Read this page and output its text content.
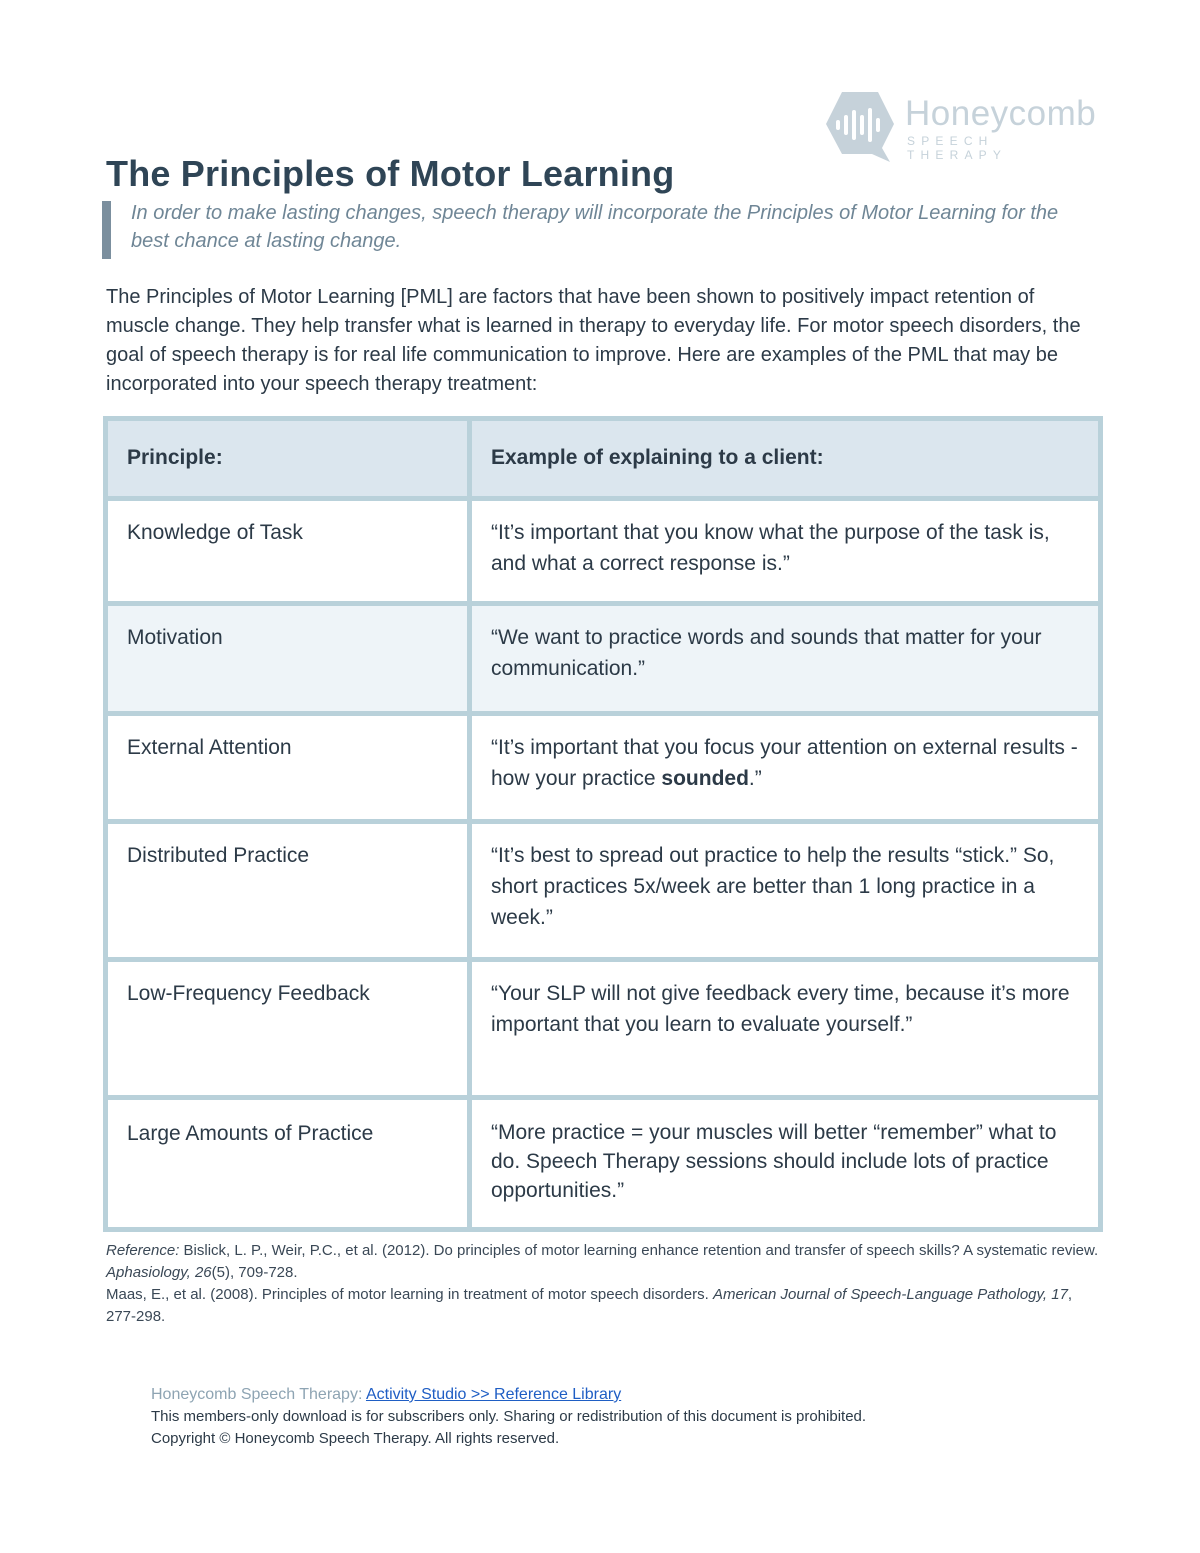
Honeycomb
SPEECH THERAPY
The Principles of Motor Learning

In order to make lasting changes, speech therapy will incorporate the Principles of Motor Learning for the best chance at lasting change.

The Principles of Motor Learning [PML] are factors that have been shown to positively impact retention of muscle change. They help transfer what is learned in therapy to everyday life. For motor speech disorders, the goal of speech therapy is for real life communication to improve. Here are examples of the PML that may be incorporated into your speech therapy treatment:

Principle:	Example of explaining to a client:
Knowledge of Task	“It’s important that you know what the purpose of the task is, and what a correct response is.”
Motivation	“We want to practice words and sounds that matter for your communication.”
External Attention	“It’s important that you focus your attention on external results - how your practice sounded.”
Distributed Practice	“It’s best to spread out practice to help the results “stick.” So, short practices 5x/week are better than 1 long practice in a week.”
Low-Frequency Feedback	“Your SLP will not give feedback every time, because it’s more important that you learn to evaluate yourself.”
Large Amounts of Practice	“More practice = your muscles will better “remember” what to do. Speech Therapy sessions should include lots of practice opportunities.”

Reference: Bislick, L. P., Weir, P.C., et al. (2012). Do principles of motor learning enhance retention and transfer of speech skills? A systematic review. Aphasiology, 26(5), 709-728.
Maas, E., et al. (2008). Principles of motor learning in treatment of motor speech disorders. American Journal of Speech-Language Pathology, 17, 277-298.

Honeycomb Speech Therapy: Activity Studio >> Reference Library
This members-only download is for subscribers only. Sharing or redistribution of this document is prohibited.
Copyright © Honeycomb Speech Therapy. All rights reserved.
